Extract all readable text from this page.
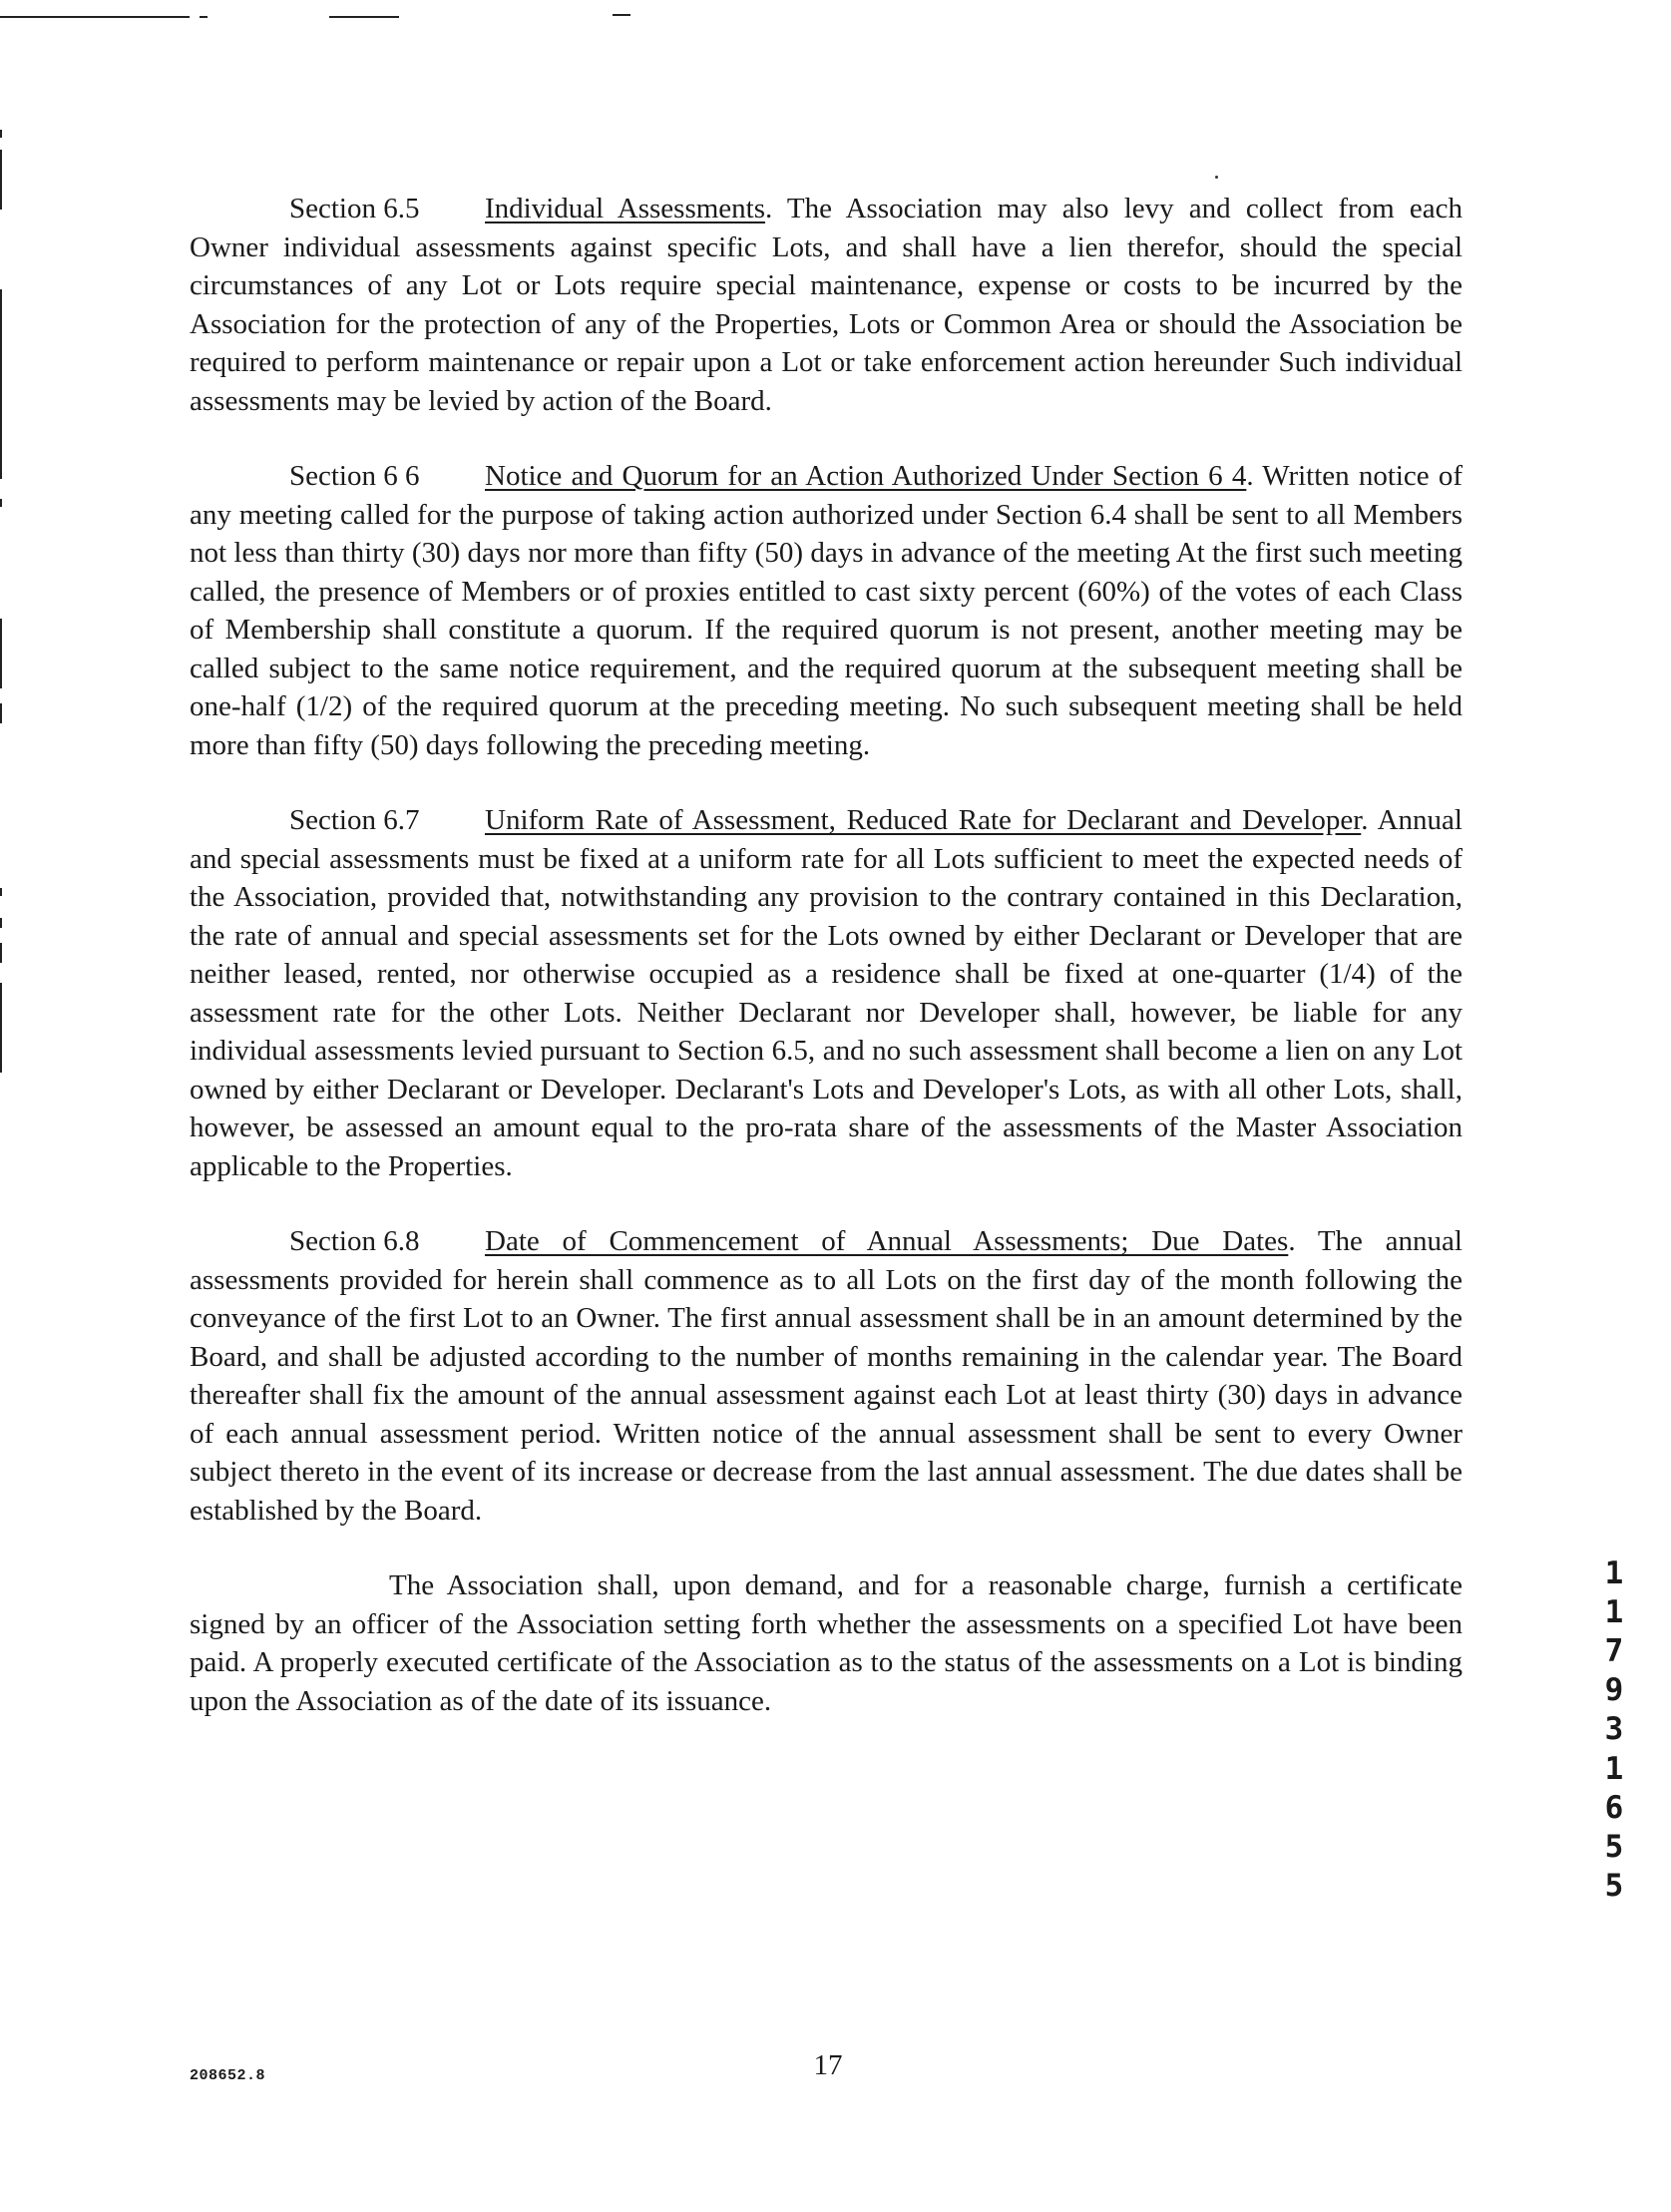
Section 6.5 Individual Assessments. The Association may also levy and collect from each Owner individual assessments against specific Lots, and shall have a lien therefor, should the special circumstances of any Lot or Lots require special maintenance, expense or costs to be incurred by the Association for the protection of any of the Properties, Lots or Common Area or should the Association be required to perform maintenance or repair upon a Lot or take enforcement action hereunder Such individual assessments may be levied by action of the Board.

Section 6 6 Notice and Quorum for an Action Authorized Under Section 6 4. Written notice of any meeting called for the purpose of taking action authorized under Section 6.4 shall be sent to all Members not less than thirty (30) days nor more than fifty (50) days in advance of the meeting At the first such meeting called, the presence of Members or of proxies entitled to cast sixty percent (60%) of the votes of each Class of Membership shall constitute a quorum. If the required quorum is not present, another meeting may be called subject to the same notice requirement, and the required quorum at the subsequent meeting shall be one-half (1/2) of the required quorum at the preceding meeting. No such subsequent meeting shall be held more than fifty (50) days following the preceding meeting.

Section 6.7 Uniform Rate of Assessment, Reduced Rate for Declarant and Developer. Annual and special assessments must be fixed at a uniform rate for all Lots sufficient to meet the expected needs of the Association, provided that, notwithstanding any provision to the contrary contained in this Declaration, the rate of annual and special assessments set for the Lots owned by either Declarant or Developer that are neither leased, rented, nor otherwise occupied as a residence shall be fixed at one-quarter (1/4) of the assessment rate for the other Lots. Neither Declarant nor Developer shall, however, be liable for any individual assessments levied pursuant to Section 6.5, and no such assessment shall become a lien on any Lot owned by either Declarant or Developer. Declarant's Lots and Developer's Lots, as with all other Lots, shall, however, be assessed an amount equal to the pro-rata share of the assessments of the Master Association applicable to the Properties.

Section 6.8 Date of Commencement of Annual Assessments; Due Dates. The annual assessments provided for herein shall commence as to all Lots on the first day of the month following the conveyance of the first Lot to an Owner. The first annual assessment shall be in an amount determined by the Board, and shall be adjusted according to the number of months remaining in the calendar year. The Board thereafter shall fix the amount of the annual assessment against each Lot at least thirty (30) days in advance of each annual assessment period. Written notice of the annual assessment shall be sent to every Owner subject thereto in the event of its increase or decrease from the last annual assessment. The due dates shall be established by the Board.

The Association shall, upon demand, and for a reasonable charge, furnish a certificate signed by an officer of the Association setting forth whether the assessments on a specified Lot have been paid. A properly executed certificate of the Association as to the status of the assessments on a Lot is binding upon the Association as of the date of its issuance.

1
1
7
9
3
1
6
5
5
208652.8	17
